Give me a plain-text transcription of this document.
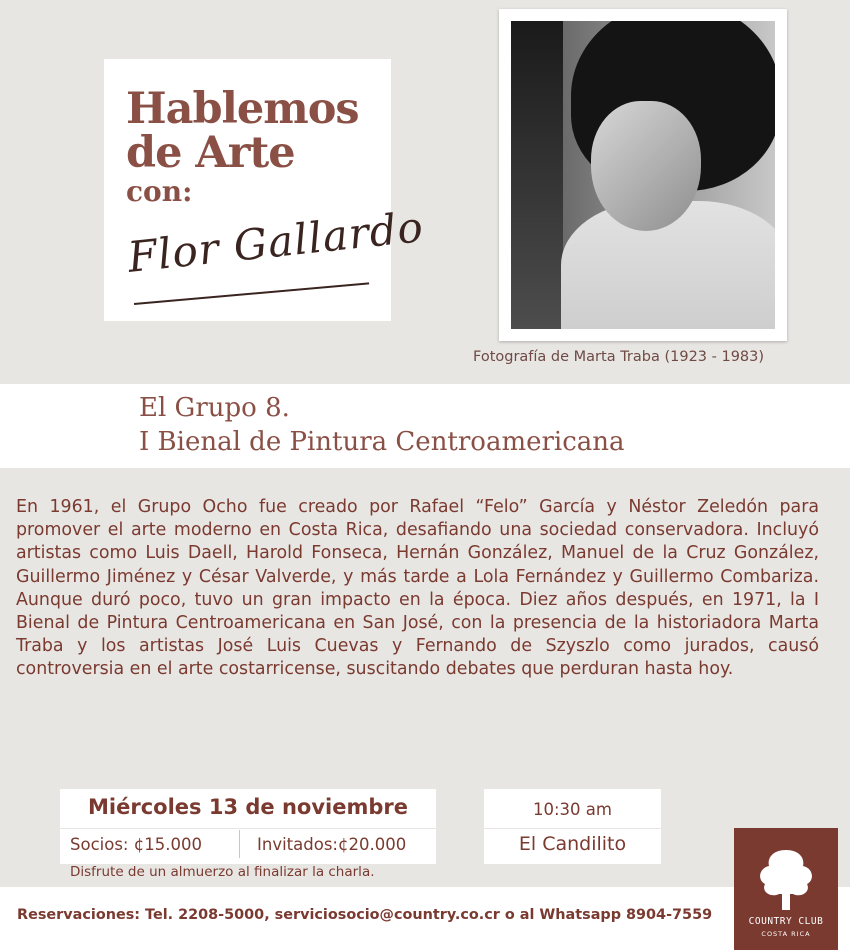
Hablemos
de Arte
con:
Flor Gallardo
Fotografía de Marta Traba (1923 - 1983)
El Grupo 8.
I Bienal de Pintura Centroamericana
En 1961, el Grupo Ocho fue creado por Rafael “Felo” García y Néstor Zeledón para promover el arte moderno en Costa Rica, desafiando una sociedad conservadora. Incluyó artistas como Luis Daell, Harold Fonseca, Hernán González, Manuel de la Cruz González, Guillermo Jiménez y César Valverde, y más tarde a Lola Fernández y Guillermo Combariza. Aunque duró poco, tuvo un gran impacto en la época. Diez años después, en 1971, la I Bienal de Pintura Centroamericana en San José, con la presencia de la historiadora Marta Traba y los artistas José Luis Cuevas y Fernando de Szyszlo como jurados, causó controversia en el arte costarricense, suscitando debates que perduran hasta hoy.
Miércoles 13 de noviembre
Socios: ¢15.000	Invitados:¢20.000
Disfrute de un almuerzo al finalizar la charla.
10:30 am
El Candilito
Reservaciones: Tel. 2208-5000, serviciosocio@country.co.cr o al Whatsapp 8904-7559	COUNTRY CLUB
COSTA RICA
